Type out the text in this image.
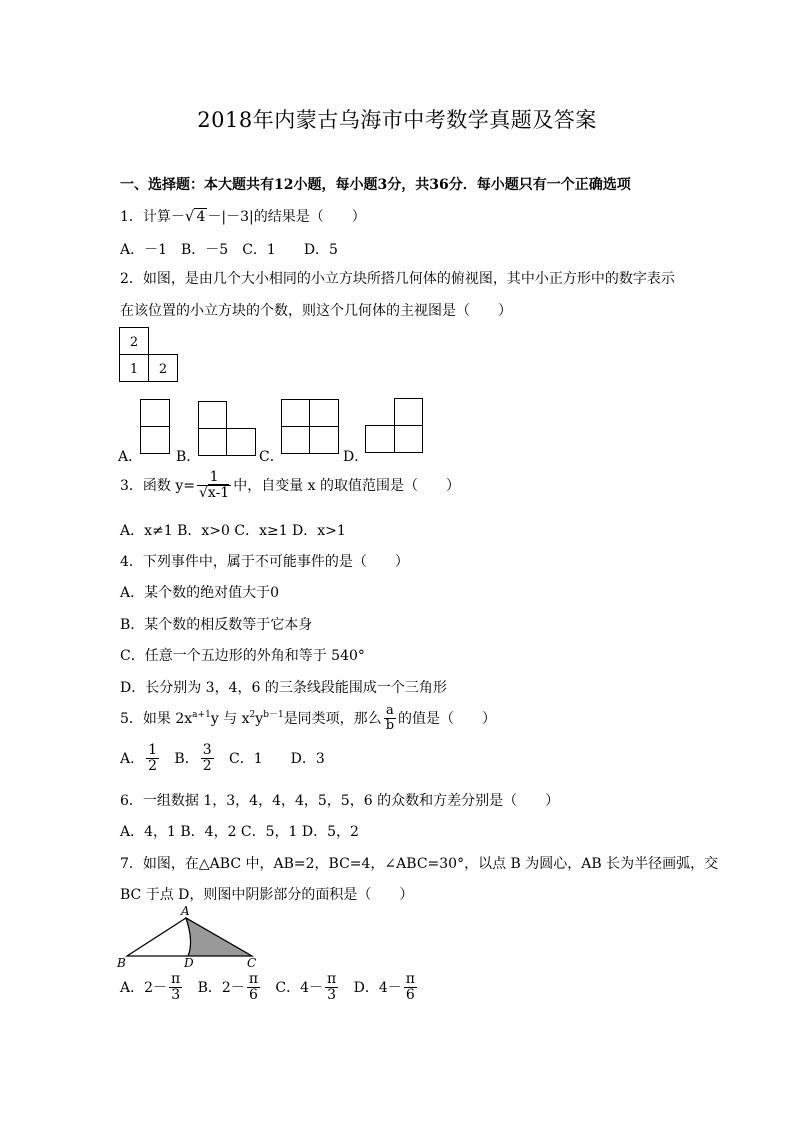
2018年内蒙古乌海市中考数学真题及答案
一、选择题：本大题共有12小题，每小题3分，共36分．每小题只有一个正确选项
1．计算－√ 4 －|－3|的结果是（　　）
A．－1　B．－5　C．1　　D．5
2．如图，是由几个大小相同的小立方块所搭几何体的俯视图，其中小正方形中的数字表示
在该位置的小立方块的个数，则这个几何体的主视图是（　　）
2
1 2
A． B．	C．	D．
3．函数 $y= \frac{1}{√x-1}$ 中，自变量 x 的取值范围是（　　）
A．x≠1 B．x>0 C．x≥1 D．x>1
4．下列事件中，属于不可能事件的是（　　）
A．某个数的绝对值大于0
B．某个数的相反数等于它本身
C．任意一个五边形的外角和等于 540°
D．长分别为 3，4，6 的三条线段能围成一个三角形
5．如果 $2x^{a+1}y$ 与 $x^2y^{b-1}$是同类项，那么 $\frac{a}{b}$ 的值是（　　）
A． $\frac{1}{2}$ B． $\frac{3}{2}$ C．1　　D．3
6．一组数据 1，3，4，4，4，5，5，6 的众数和方差分别是（　　）
A．4，1 B．4，2 C．5，1 D．5，2
7．如图，在△ABC 中，AB=2，BC=4，∠ABC=30°，以点 B 为圆心，AB 长为半径画弧，交
BC 于点 D，则图中阴影部分的面积是（　　）
A
B	D	C
A．$2- \frac{\pi}{3}$ B．$2- \frac{\pi}{6}$ C．$4- \frac{\pi}{3}$ D．$4- \frac{\pi}{6}$
